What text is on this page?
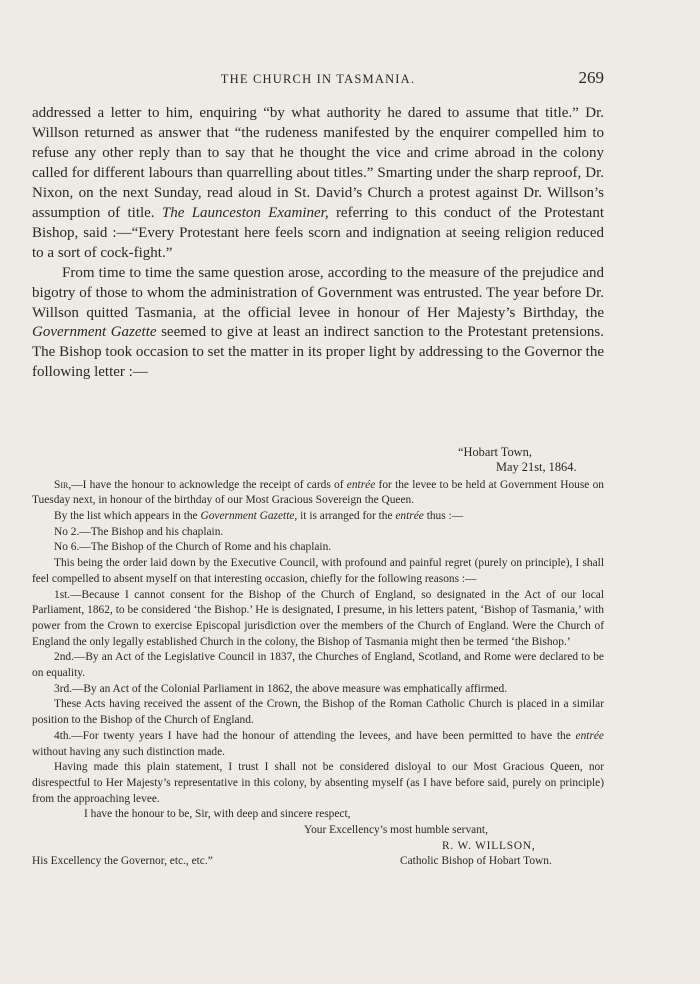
THE CHURCH IN TASMANIA.	269

addressed a letter to him, enquiring “by what authority he dared to assume that title.” Dr. Willson returned as answer that “the rudeness manifested by the enquirer compelled him to refuse any other reply than to say that he thought the vice and crime abroad in the colony called for different labours than quarrelling about titles.” Smarting under the sharp reproof, Dr. Nixon, on the next Sunday, read aloud in St. David’s Church a protest against Dr. Willson’s assumption of title. The Launceston Examiner, referring to this conduct of the Protestant Bishop, said :—“Every Protestant here feels scorn and indignation at seeing religion reduced to a sort of cock-fight.”

From time to time the same question arose, according to the measure of the prejudice and bigotry of those to whom the administration of Government was entrusted. The year before Dr. Willson quitted Tasmania, at the official levee in honour of Her Majesty’s Birthday, the Government Gazette seemed to give at least an indirect sanction to the Protestant pretensions. The Bishop took occasion to set the matter in its proper light by addressing to the Governor the following letter :—

“Hobart Town,
May 21st, 1864.

Sir,—I have the honour to acknowledge the receipt of cards of entrée for the levee to be held at Government House on Tuesday next, in honour of the birthday of our Most Gracious Sovereign the Queen.

By the list which appears in the Government Gazette, it is arranged for the entrée thus :—

No 2.—The Bishop and his chaplain.

No 6.—The Bishop of the Church of Rome and his chaplain.

This being the order laid down by the Executive Council, with profound and painful regret (purely on principle), I shall feel compelled to absent myself on that interesting occasion, chiefly for the following reasons :—

1st.—Because I cannot consent for the Bishop of the Church of England, so designated in the Act of our local Parliament, 1862, to be considered ‘the Bishop.’ He is designated, I presume, in his letters patent, ‘Bishop of Tasmania,’ with power from the Crown to exercise Episcopal jurisdiction over the members of the Church of England. Were the Church of England the only legally established Church in the colony, the Bishop of Tasmania might then be termed ‘the Bishop.’

2nd.—By an Act of the Legislative Council in 1837, the Churches of England, Scotland, and Rome were declared to be on equality.

3rd.—By an Act of the Colonial Parliament in 1862, the above measure was emphatically affirmed.

These Acts having received the assent of the Crown, the Bishop of the Roman Catholic Church is placed in a similar position to the Bishop of the Church of England.

4th.—For twenty years I have had the honour of attending the levees, and have been permitted to have the entrée without having any such distinction made.

Having made this plain statement, I trust I shall not be considered disloyal to our Most Gracious Queen, nor disrespectful to Her Majesty’s representative in this colony, by absenting myself (as I have before said, purely on principle) from the approaching levee.

I have the honour to be, Sir, with deep and sincere respect,
Your Excellency’s most humble servant,
R. W. WILLSON,
His Excellency the Governor, etc., etc.”	Catholic Bishop of Hobart Town.
